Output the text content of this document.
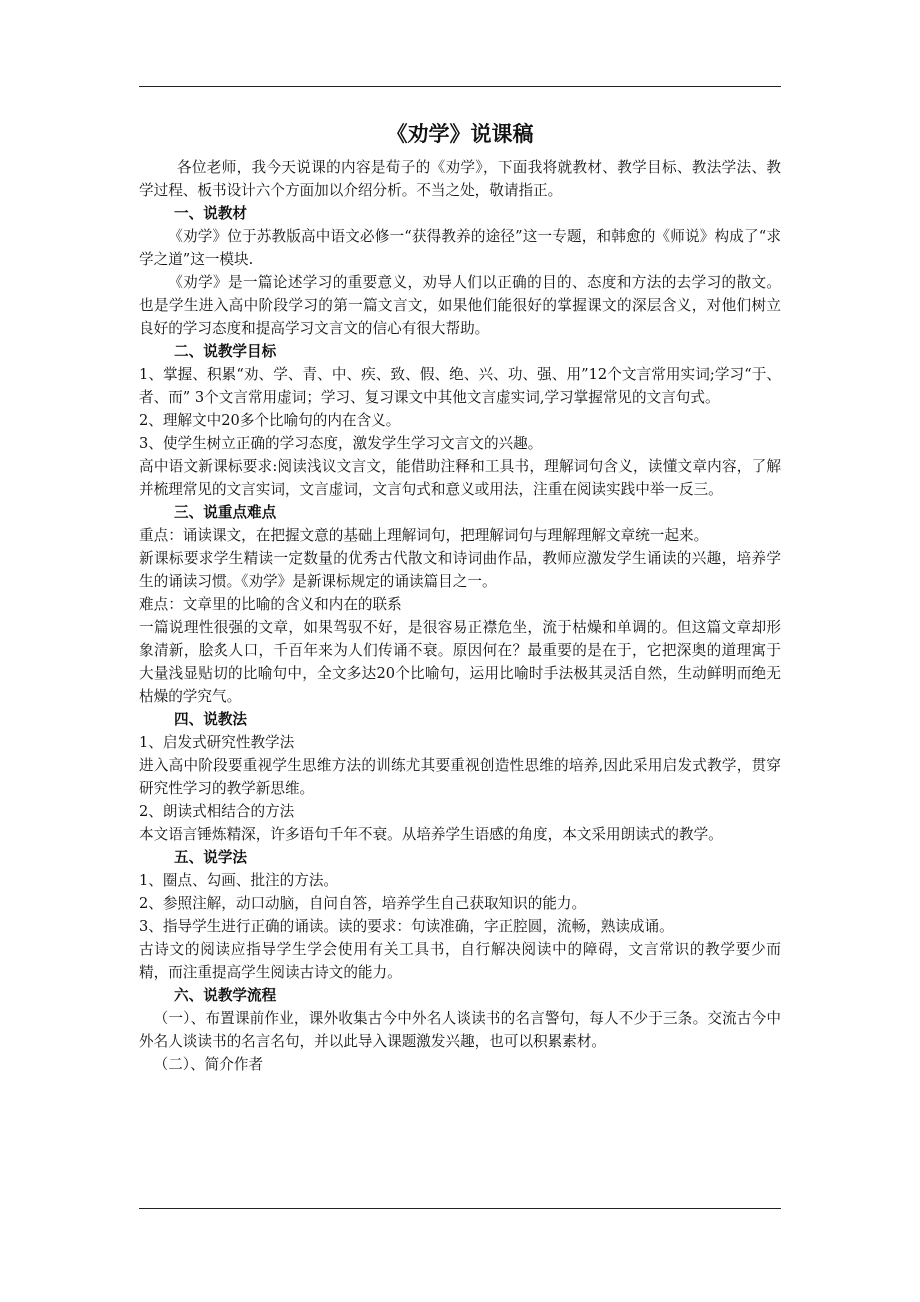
《劝学》说课稿

各位老师，我今天说课的内容是荀子的《劝学》，下面我将就教材、教学目标、教法学法、教学过程、板书设计六个方面加以介绍分析。不当之处，敬请指正。

一、说教材

《劝学》位于苏教版高中语文必修一“获得教养的途径”这一专题，和韩愈的《师说》构成了“求学之道”这一模块.

《劝学》是一篇论述学习的重要意义，劝导人们以正确的目的、态度和方法的去学习的散文。也是学生进入高中阶段学习的第一篇文言文，如果他们能很好的掌握课文的深层含义，对他们树立良好的学习态度和提高学习文言文的信心有很大帮助。

二、说教学目标

1、掌握、积累“劝、学、青、中、疾、致、假、绝、兴、功、强、用”12个文言常用实词;学习“于、者、而” 3个文言常用虚词；学习、复习课文中其他文言虚实词,学习掌握常见的文言句式。

2、理解文中20多个比喻句的内在含义。

3、使学生树立正确的学习态度，激发学生学习文言文的兴趣。

高中语文新课标要求:阅读浅议文言文，能借助注释和工具书，理解词句含义，读懂文章内容，了解并梳理常见的文言实词，文言虚词，文言句式和意义或用法，注重在阅读实践中举一反三。

三、说重点难点

重点：诵读课文，在把握文意的基础上理解词句，把理解词句与理解理解文章统一起来。

新课标要求学生精读一定数量的优秀古代散文和诗词曲作品，教师应激发学生诵读的兴趣，培养学生的诵读习惯。《劝学》是新课标规定的诵读篇目之一。

难点：文章里的比喻的含义和内在的联系

一篇说理性很强的文章，如果驾驭不好，是很容易正襟危坐，流于枯燥和单调的。但这篇文章却形象清新，脍炙人口，千百年来为人们传诵不衰。原因何在？最重要的是在于，它把深奥的道理寓于大量浅显贴切的比喻句中，全文多达20个比喻句，运用比喻时手法极其灵活自然，生动鲜明而绝无枯燥的学究气。

四、说教法

1、启发式研究性教学法

进入高中阶段要重视学生思维方法的训练尤其要重视创造性思维的培养,因此采用启发式教学，贯穿研究性学习的教学新思维。

2、朗读式相结合的方法

本文语言锤炼精深，许多语句千年不衰。从培养学生语感的角度，本文采用朗读式的教学。

五、说学法

1、圈点、勾画、批注的方法。

2、参照注解，动口动脑，自问自答，培养学生自己获取知识的能力。

3、指导学生进行正确的诵读。读的要求：句读准确，字正腔圆，流畅，熟读成诵。

古诗文的阅读应指导学生学会使用有关工具书，自行解决阅读中的障碍，文言常识的教学要少而精，而注重提高学生阅读古诗文的能力。

六、说教学流程

（一）、布置课前作业，课外收集古今中外名人谈读书的名言警句，每人不少于三条。交流古今中外名人谈读书的名言名句，并以此导入课题激发兴趣，也可以积累素材。

（二）、简介作者
